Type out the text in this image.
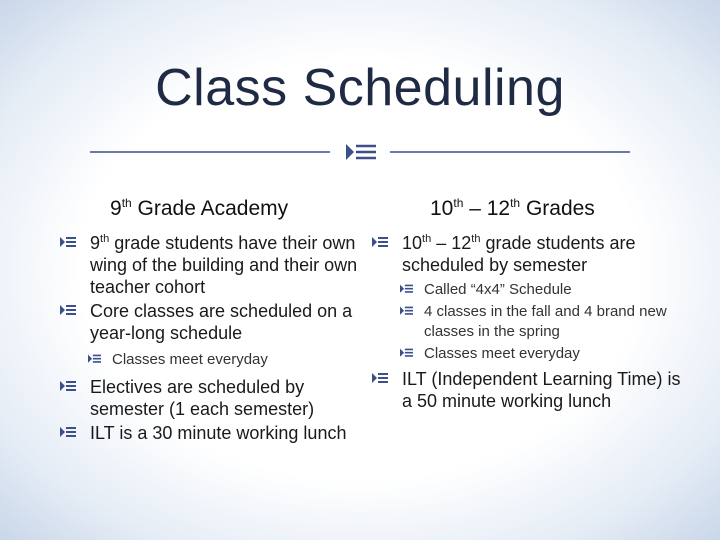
Class Scheduling
9th Grade Academy	10th – 12th Grades
9th grade students have their own wing of the building and their own teacher cohort
Core classes are scheduled on a year-long schedule
Classes meet everyday
Electives are scheduled by semester (1 each semester)
ILT is a 30 minute working lunch
10th – 12th grade students are scheduled by semester
Called “4x4” Schedule
4 classes in the fall and 4 brand new classes in the spring
Classes meet everyday
ILT (Independent Learning Time) is a 50 minute working lunch
